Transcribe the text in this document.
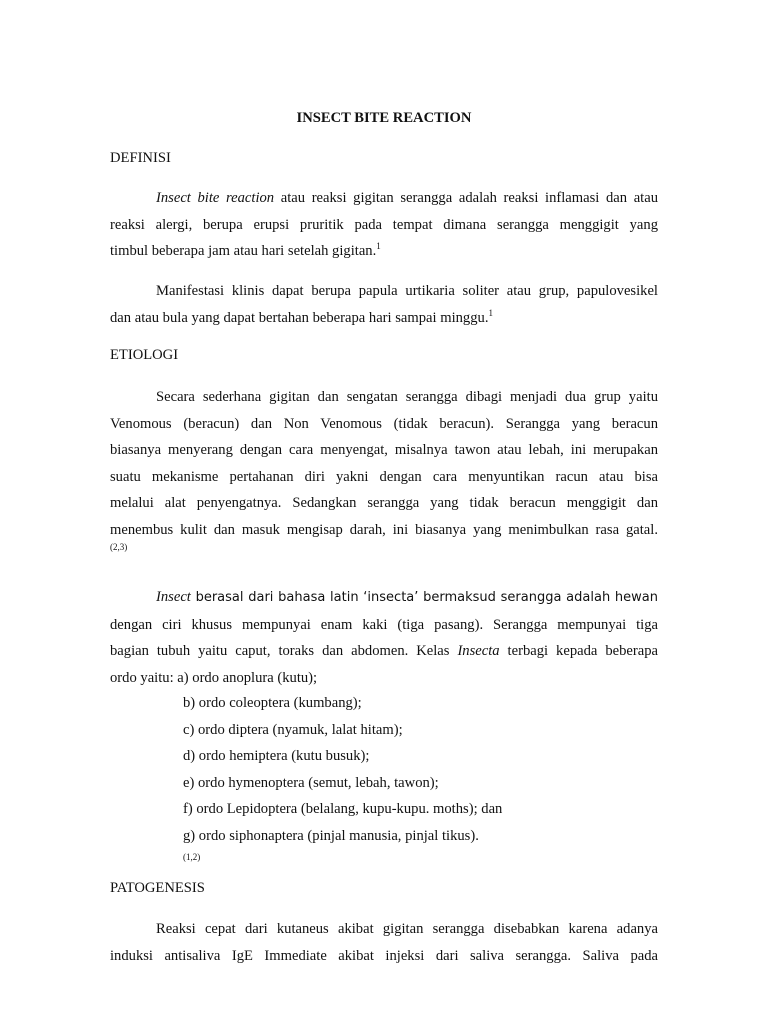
INSECT BITE REACTION
DEFINISI
Insect bite reaction atau reaksi gigitan serangga adalah reaksi inflamasi dan atau
reaksi alergi, berupa erupsi pruritik pada tempat dimana serangga menggigit yang
timbul beberapa jam atau hari setelah gigitan.$^1$
Manifestasi klinis dapat berupa papula urtikaria soliter atau grup, papulovesikel
dan atau bula yang dapat bertahan beberapa hari sampai minggu.$^1$
ETIOLOGI
Secara sederhana gigitan dan sengatan serangga dibagi menjadi dua grup yaitu
Venomous (beracun) dan Non Venomous (tidak beracun). Serangga yang beracun
biasanya menyerang dengan cara menyengat, misalnya tawon atau lebah, ini merupakan
suatu mekanisme pertahanan diri yakni dengan cara menyuntikan racun atau bisa
melalui alat penyengatnya. Sedangkan serangga yang tidak beracun menggigit dan
menembus kulit dan masuk mengisap darah, ini biasanya yang menimbulkan rasa gatal.
(2,3)
Insect berasal dari bahasa latin ‘insecta’ bermaksud serangga adalah hewan
dengan ciri khusus mempunyai enam kaki (tiga pasang). Serangga mempunyai tiga
bagian tubuh yaitu caput, toraks dan abdomen. Kelas Insecta terbagi kepada beberapa
ordo yaitu: a) ordo anoplura (kutu);
b) ordo coleoptera (kumbang);
c) ordo diptera (nyamuk, lalat hitam);
d) ordo hemiptera (kutu busuk);
e) ordo hymenoptera (semut, lebah, tawon);
f) ordo Lepidoptera (belalang, kupu-kupu. moths); dan
g) ordo siphonaptera (pinjal manusia, pinjal tikus).
$^{(1,2)}$
PATOGENESIS
Reaksi cepat dari kutaneus akibat gigitan serangga disebabkan karena adanya
induksi antisaliva IgE Immediate akibat injeksi dari saliva serangga. Saliva pada
